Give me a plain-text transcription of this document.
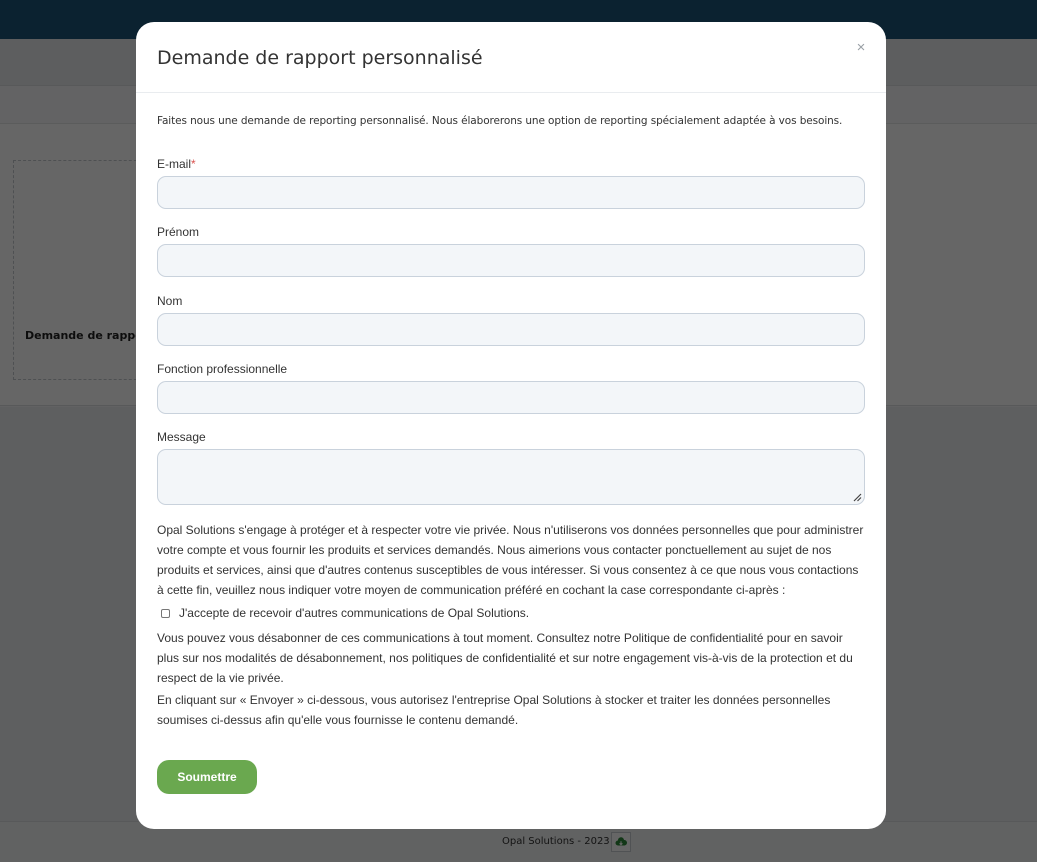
Demande de rapport personnalisé	×
Faites nous une demande de reporting personnalisé. Nous élaborerons une option de reporting spécialement adaptée à vos besoins.
E-mail*
Prénom
Nom
Fonction professionnelle
Message
Opal Solutions s'engage à protéger et à respecter votre vie privée. Nous n'utiliserons vos données personnelles que pour administrer votre compte et vous fournir les produits et services demandés. Nous aimerions vous contacter ponctuellement au sujet de nos produits et services, ainsi que d'autres contenus susceptibles de vous intéresser. Si vous consentez à ce que nous vous contactions à cette fin, veuillez nous indiquer votre moyen de communication préféré en cochant la case correspondante ci-après :
J'accepte de recevoir d'autres communications de Opal Solutions.
Vous pouvez vous désabonner de ces communications à tout moment. Consultez notre Politique de confidentialité pour en savoir plus sur nos modalités de désabonnement, nos politiques de confidentialité et sur notre engagement vis-à-vis de la protection et du respect de la vie privée.
En cliquant sur « Envoyer » ci-dessous, vous autorisez l'entreprise Opal Solutions à stocker et traiter les données personnelles soumises ci-dessus afin qu'elle vous fournisse le contenu demandé.
Soumettre
